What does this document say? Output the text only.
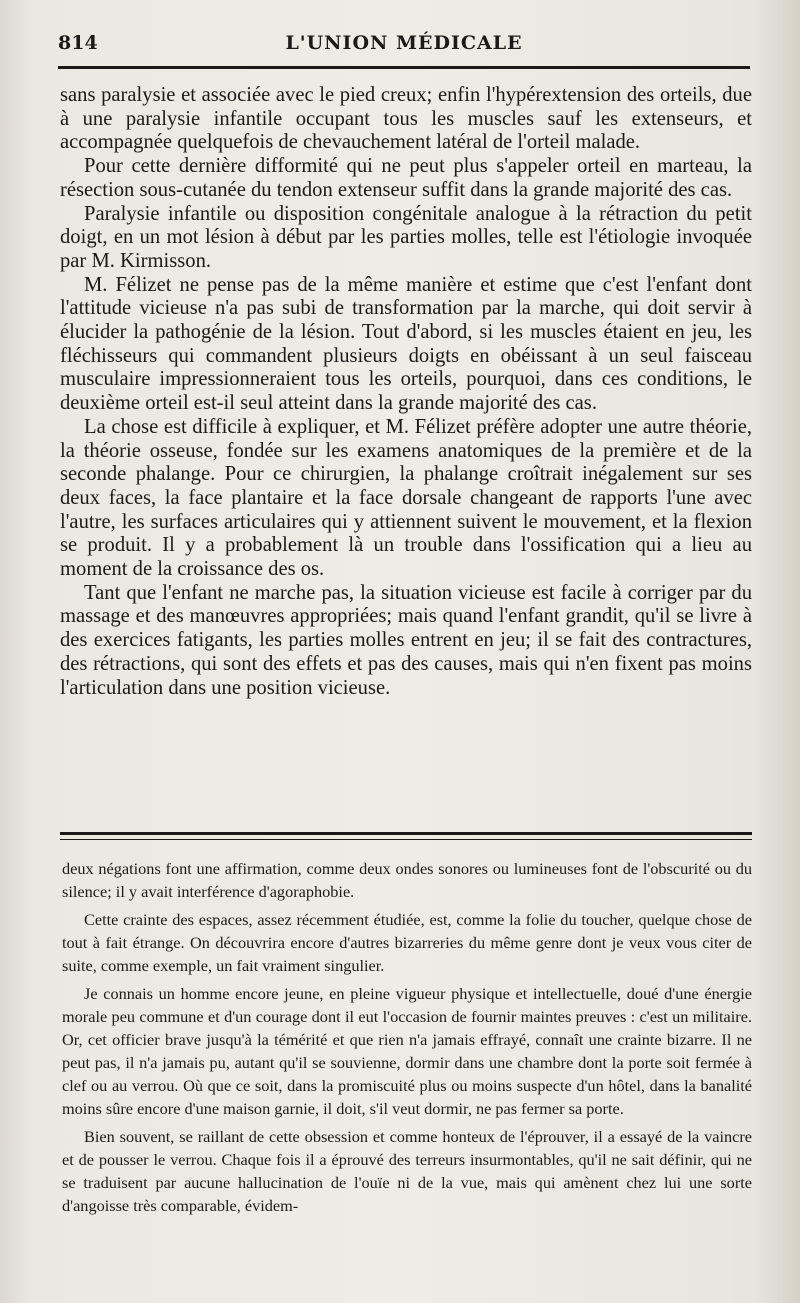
814	L'UNION MÉDICALE

sans paralysie et associée avec le pied creux; enfin l'hypérextension des orteils, due à une paralysie infantile occupant tous les muscles sauf les extenseurs, et accompagnée quelquefois de chevauchement latéral de l'orteil malade.

Pour cette dernière difformité qui ne peut plus s'appeler orteil en marteau, la résection sous-cutanée du tendon extenseur suffit dans la grande majorité des cas.

Paralysie infantile ou disposition congénitale analogue à la rétraction du petit doigt, en un mot lésion à début par les parties molles, telle est l'étiologie invoquée par M. Kirmisson.

M. Félizet ne pense pas de la même manière et estime que c'est l'enfant dont l'attitude vicieuse n'a pas subi de transformation par la marche, qui doit servir à élucider la pathogénie de la lésion. Tout d'abord, si les muscles étaient en jeu, les fléchisseurs qui commandent plusieurs doigts en obéissant à un seul faisceau musculaire impressionneraient tous les orteils, pourquoi, dans ces conditions, le deuxième orteil est-il seul atteint dans la grande majorité des cas.

La chose est difficile à expliquer, et M. Félizet préfère adopter une autre théorie, la théorie osseuse, fondée sur les examens anatomiques de la première et de la seconde phalange. Pour ce chirurgien, la phalange croîtrait inégalement sur ses deux faces, la face plantaire et la face dorsale changeant de rapports l'une avec l'autre, les surfaces articulaires qui y attiennent suivent le mouvement, et la flexion se produit. Il y a probablement là un trouble dans l'ossification qui a lieu au moment de la croissance des os.

Tant que l'enfant ne marche pas, la situation vicieuse est facile à corriger par du massage et des manœuvres appropriées; mais quand l'enfant grandit, qu'il se livre à des exercices fatigants, les parties molles entrent en jeu; il se fait des contractures, des rétractions, qui sont des effets et pas des causes, mais qui n'en fixent pas moins l'articulation dans une position vicieuse.

deux négations font une affirmation, comme deux ondes sonores ou lumineuses font de l'obscurité ou du silence; il y avait interférence d'agoraphobie.

Cette crainte des espaces, assez récemment étudiée, est, comme la folie du toucher, quelque chose de tout à fait étrange. On découvrira encore d'autres bizarreries du même genre dont je veux vous citer de suite, comme exemple, un fait vraiment singulier.

Je connais un homme encore jeune, en pleine vigueur physique et intellectuelle, doué d'une énergie morale peu commune et d'un courage dont il eut l'occasion de fournir maintes preuves : c'est un militaire. Or, cet officier brave jusqu'à la témérité et que rien n'a jamais effrayé, connaît une crainte bizarre. Il ne peut pas, il n'a jamais pu, autant qu'il se souvienne, dormir dans une chambre dont la porte soit fermée à clef ou au verrou. Où que ce soit, dans la promiscuité plus ou moins suspecte d'un hôtel, dans la banalité moins sûre encore d'une maison garnie, il doit, s'il veut dormir, ne pas fermer sa porte.

Bien souvent, se raillant de cette obsession et comme honteux de l'éprouver, il a essayé de la vaincre et de pousser le verrou. Chaque fois il a éprouvé des terreurs insurmontables, qu'il ne sait définir, qui ne se traduisent par aucune hallucination de l'ouïe ni de la vue, mais qui amènent chez lui une sorte d'angoisse très comparable, évidem-
